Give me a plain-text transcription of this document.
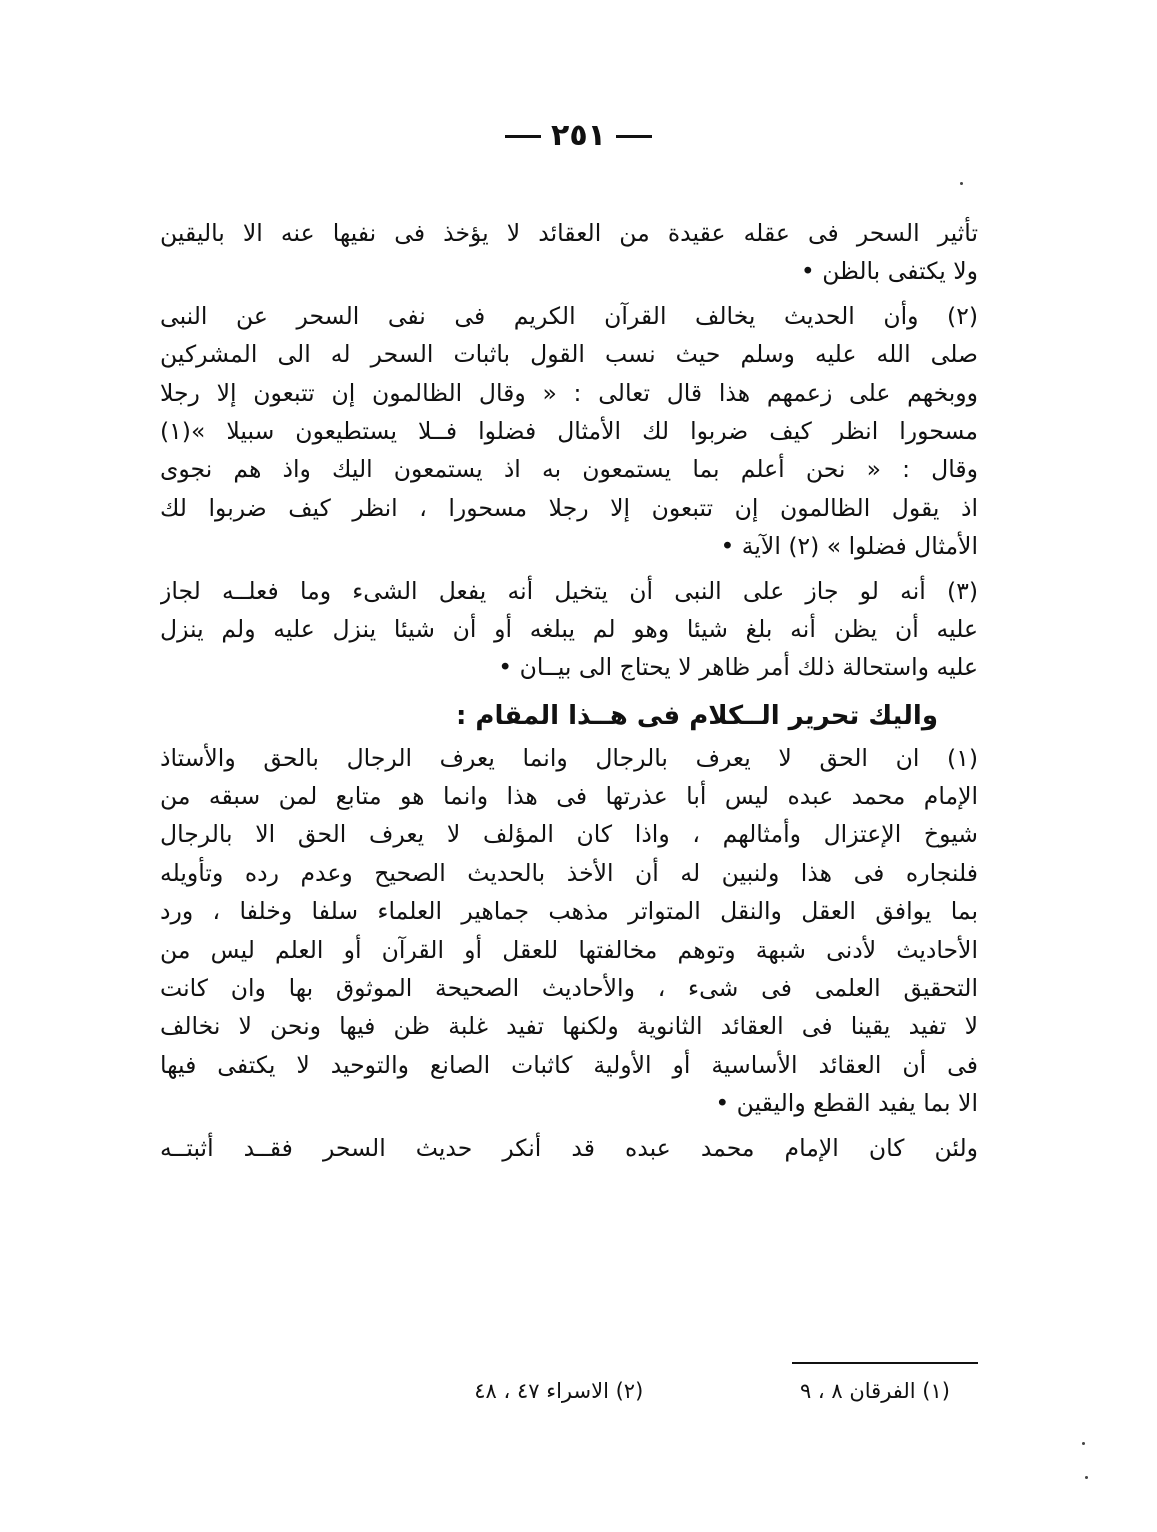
٢٥١
تأثير السحر فى عقله عقيدة من العقائد لا يؤخذ فى نفيها عنه الا باليقين
ولا يكتفى بالظن •
(٢) وأن الحديث يخالف القرآن الكريم فى نفى السحر عن النبى
صلى الله عليه وسلم حيث نسب القول باثبات السحر له الى المشركين
ووبخهم على زعمهم هذا قال تعالى : « وقال الظالمون إن تتبعون إلا رجلا
مسحورا انظر كيف ضربوا لك الأمثال فضلوا فــلا يستطيعون سبيلا »(١)
وقال : « نحن أعلم بما يستمعون به اذ يستمعون اليك واذ هم نجوى
اذ يقول الظالمون إن تتبعون إلا رجلا مسحورا ، انظر كيف ضربوا لك
الأمثال فضلوا » (٢) الآية •
(٣) أنه لو جاز على النبى أن يتخيل أنه يفعل الشىء وما فعلــه لجاز
عليه أن يظن أنه بلغ شيئا وهو لم يبلغه أو أن شيئا ينزل عليه ولم ينزل
عليه واستحالة ذلك أمر ظاهر لا يحتاج الى بيــان •
واليك تحرير الــكلام فى هــذا المقام :
(١) ان الحق لا يعرف بالرجال وانما يعرف الرجال بالحق والأستاذ
الإمام محمد عبده ليس أبا عذرتها فى هذا وانما هو متابع لمن سبقه من
شيوخ الإعتزال وأمثالهم ، واذا كان المؤلف لا يعرف الحق الا بالرجال
فلنجاره فى هذا ولنبين له أن الأخذ بالحديث الصحيح وعدم رده وتأويله
بما يوافق العقل والنقل المتواتر مذهب جماهير العلماء سلفا وخلفا ، ورد
الأحاديث لأدنى شبهة وتوهم مخالفتها للعقل أو القرآن أو العلم ليس من
التحقيق العلمى فى شىء ، والأحاديث الصحيحة الموثوق بها وان كانت
لا تفيد يقينا فى العقائد الثانوية ولكنها تفيد غلبة ظن فيها ونحن لا نخالف
فى أن العقائد الأساسية أو الأولية كاثبات الصانع والتوحيد لا يكتفى فيها
الا بما يفيد القطع واليقين •
ولئن كان الإمام محمد عبده قد أنكر حديث السحر فقــد أثبتــه
(١) الفرقان ٨ ، ٩ (٢) الاسراء ٤٧ ، ٤٨
